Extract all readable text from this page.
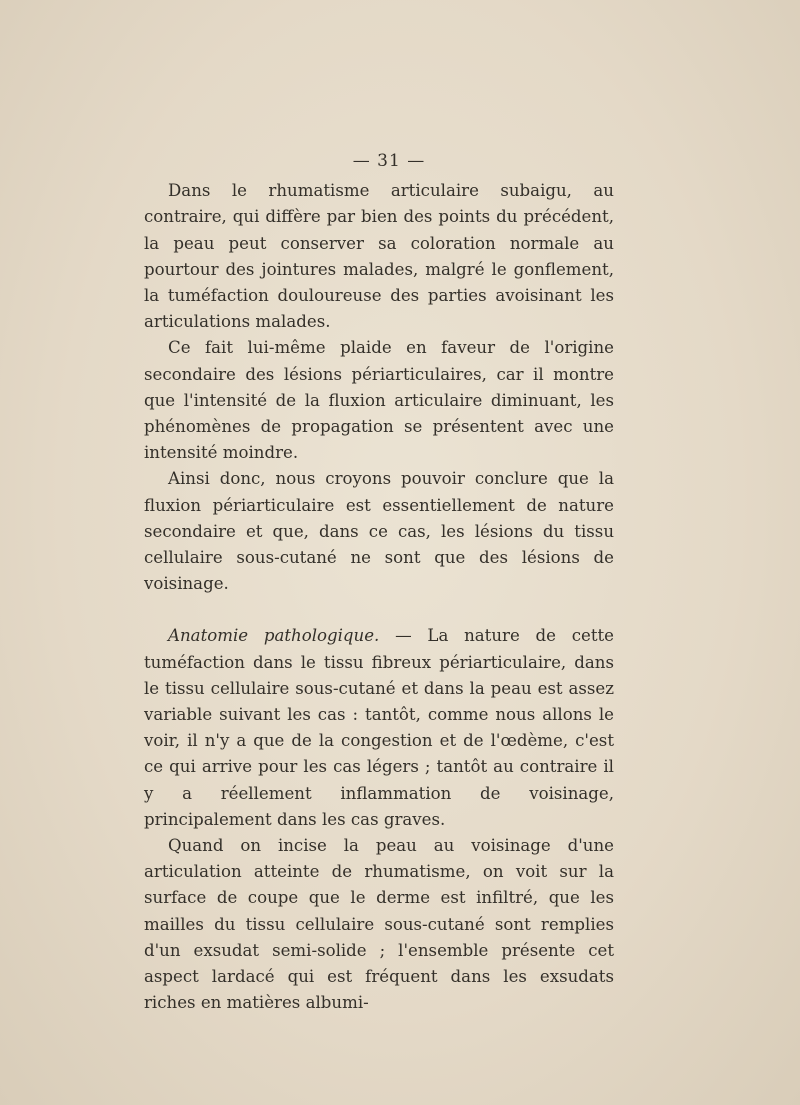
— 31 —

Dans le rhumatisme articulaire subaigu, au contraire, qui diffère par bien des points du précédent, la peau peut conserver sa coloration normale au pourtour des jointures malades, malgré le gonflement, la tuméfaction douloureuse des parties avoisinant les articulations malades.

Ce fait lui-même plaide en faveur de l'origine secondaire des lésions périarticulaires, car il montre que l'intensité de la fluxion articulaire diminuant, les phénomènes de propagation se présentent avec une intensité moindre.

Ainsi donc, nous croyons pouvoir conclure que la fluxion périarticulaire est essentiellement de nature secondaire et que, dans ce cas, les lésions du tissu cellulaire sous-cutané ne sont que des lésions de voisinage.

Anatomie pathologique. — La nature de cette tuméfaction dans le tissu fibreux périarticulaire, dans le tissu cellulaire sous-cutané et dans la peau est assez variable suivant les cas : tantôt, comme nous allons le voir, il n'y a que de la congestion et de l'œdème, c'est ce qui arrive pour les cas légers ; tantôt au contraire il y a réellement inflammation de voisinage, principalement dans les cas graves.

Quand on incise la peau au voisinage d'une articulation atteinte de rhumatisme, on voit sur la surface de coupe que le derme est infiltré, que les mailles du tissu cellulaire sous-cutané sont remplies d'un exsudat semi-solide ; l'ensemble présente cet aspect lardacé qui est fréquent dans les exsudats riches en matières albumi-
